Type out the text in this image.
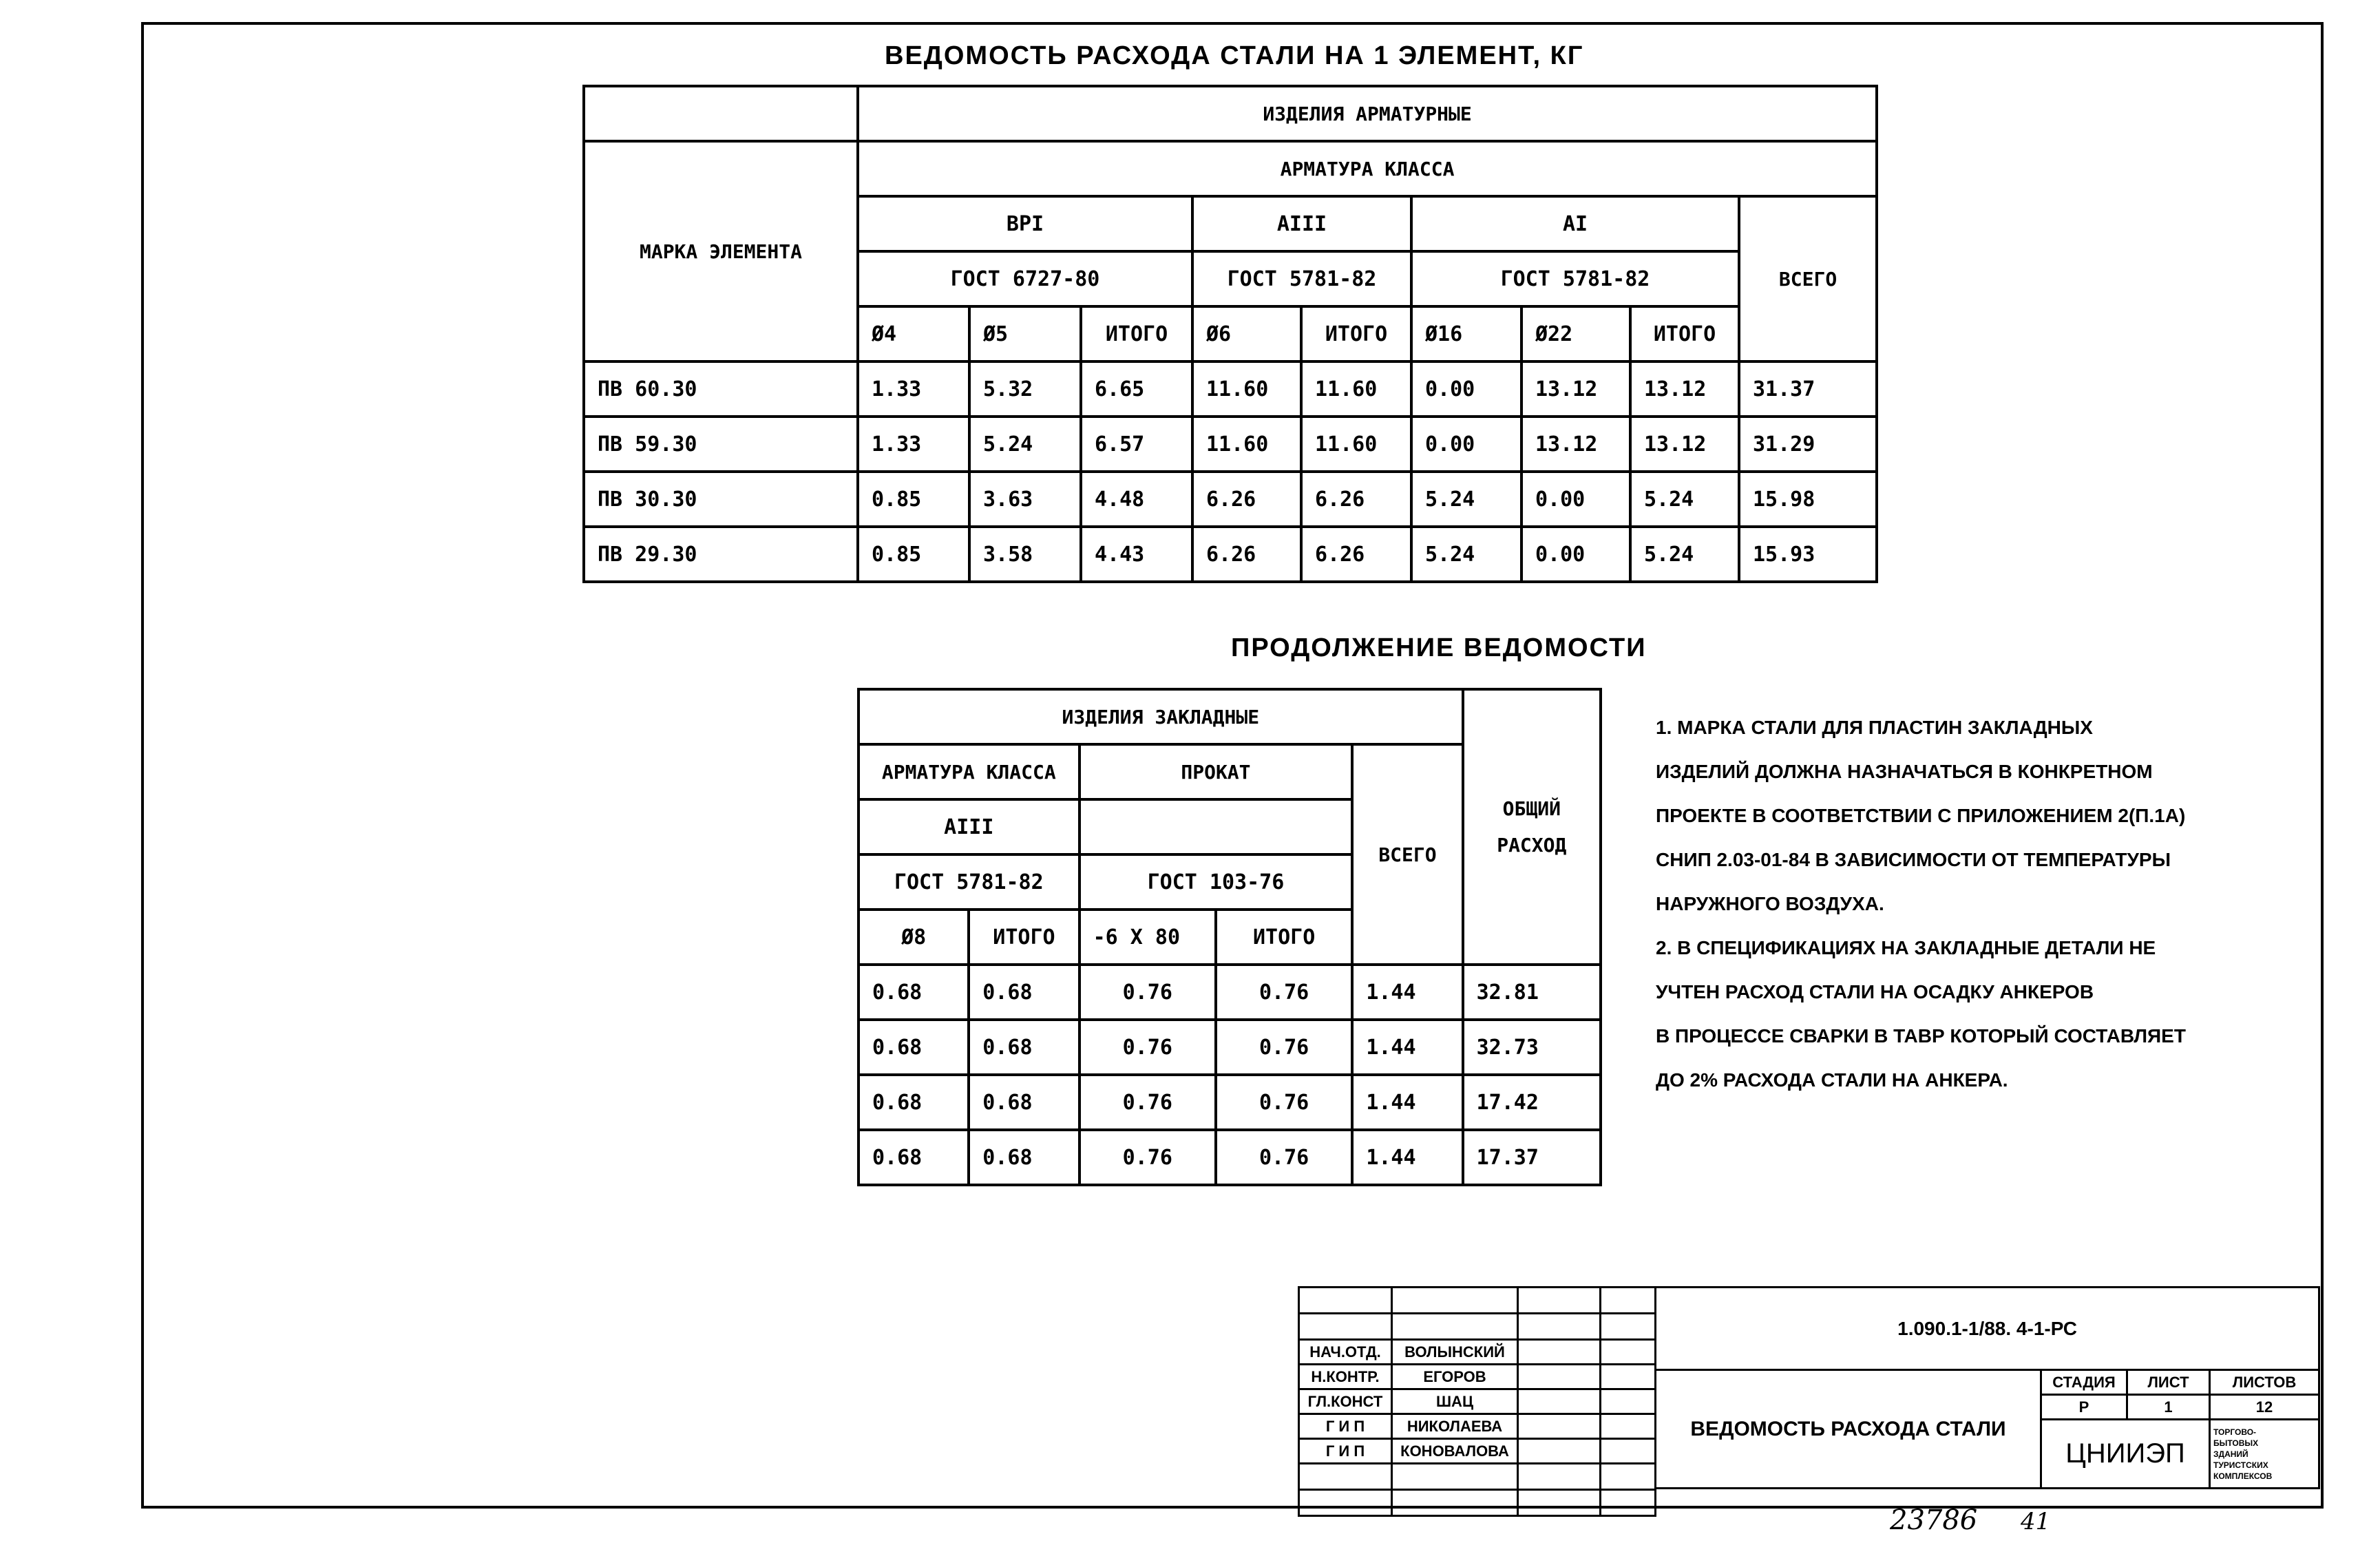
ВЕДОМОСТЬ РАСХОДА СТАЛИ НА 1 ЭЛЕМЕНТ, КГ
	ИЗДЕЛИЯ АРМАТУРНЫЕ								
МАРКА ЭЛЕМЕНТА	АРМАТУРА КЛАССА								
	ВРI			АIII		АI			ВСЕГО
	ГОСТ 6727-80			ГОСТ 5781-82		ГОСТ 5781-82			
	Ø4	Ø5	ИТОГО	Ø6	ИТОГО	Ø16	Ø22	ИТОГО	
ПВ 60.30	1.33	5.32	6.65	11.60	11.60	0.00	13.12	13.12	31.37
ПВ 59.30	1.33	5.24	6.57	11.60	11.60	0.00	13.12	13.12	31.29
ПВ 30.30	0.85	3.63	4.48	6.26	6.26	5.24	0.00	5.24	15.98
ПВ 29.30	0.85	3.58	4.43	6.26	6.26	5.24	0.00	5.24	15.93
ПРОДОЛЖЕНИЕ ВЕДОМОСТИ
ИЗДЕЛИЯ ЗАКЛАДНЫЕ					ОБЩИЙ
РАСХОД

АРМАТУРА КЛАССА		ПРОКАТ		ВСЕГО	
АIII					
ГОСТ 5781-82		ГОСТ 103-76			
Ø8	ИТОГО	-6 Х 80	ИТОГО		
0.68	0.68	0.76	0.76	1.44	32.81
0.68	0.68	0.76	0.76	1.44	32.73
0.68	0.68	0.76	0.76	1.44	17.42
0.68	0.68	0.76	0.76	1.44	17.37
1. МАРКА СТАЛИ ДЛЯ ПЛАСТИН ЗАКЛАДНЫХ
ИЗДЕЛИЙ ДОЛЖНА НАЗНАЧАТЬСЯ В КОНКРЕТНОМ
ПРОЕКТЕ В СООТВЕТСТВИИ С ПРИЛОЖЕНИЕМ 2(П.1А)
СНИП 2.03-01-84 В ЗАВИСИМОСТИ ОТ ТЕМПЕРАТУРЫ
НАРУЖНОГО ВОЗДУХА.
2. В СПЕЦИФИКАЦИЯХ НА ЗАКЛАДНЫЕ ДЕТАЛИ НЕ
УЧТЕН РАСХОД СТАЛИ НА ОСАДКУ АНКЕРОВ
В ПРОЦЕССЕ СВАРКИ В ТАВР КОТОРЫЙ СОСТАВЛЯЕТ
ДО 2% РАСХОДА СТАЛИ НА АНКЕРА.

НАЧ.ОТД.	ВОЛЫНСКИЙ		
Н.КОНТР.	ЕГОРОВ		
ГЛ.КОНСТ	ШАЦ		
Г И П	НИКОЛАЕВА		
Г И П	КОНОВАЛОВА		

1.090.1-1/88. 4-1-РС			
ВЕДОМОСТЬ РАСХОДА СТАЛИ	СТАДИЯ	ЛИСТ	ЛИСТОВ
	Р	1	12
	ЦНИИЭП		ТОРГОВО-
БЫТОВЫХ
ЗДАНИЙ
ТУРИСТСКИХ
КОМПЛЕКСОВ
23786 41
